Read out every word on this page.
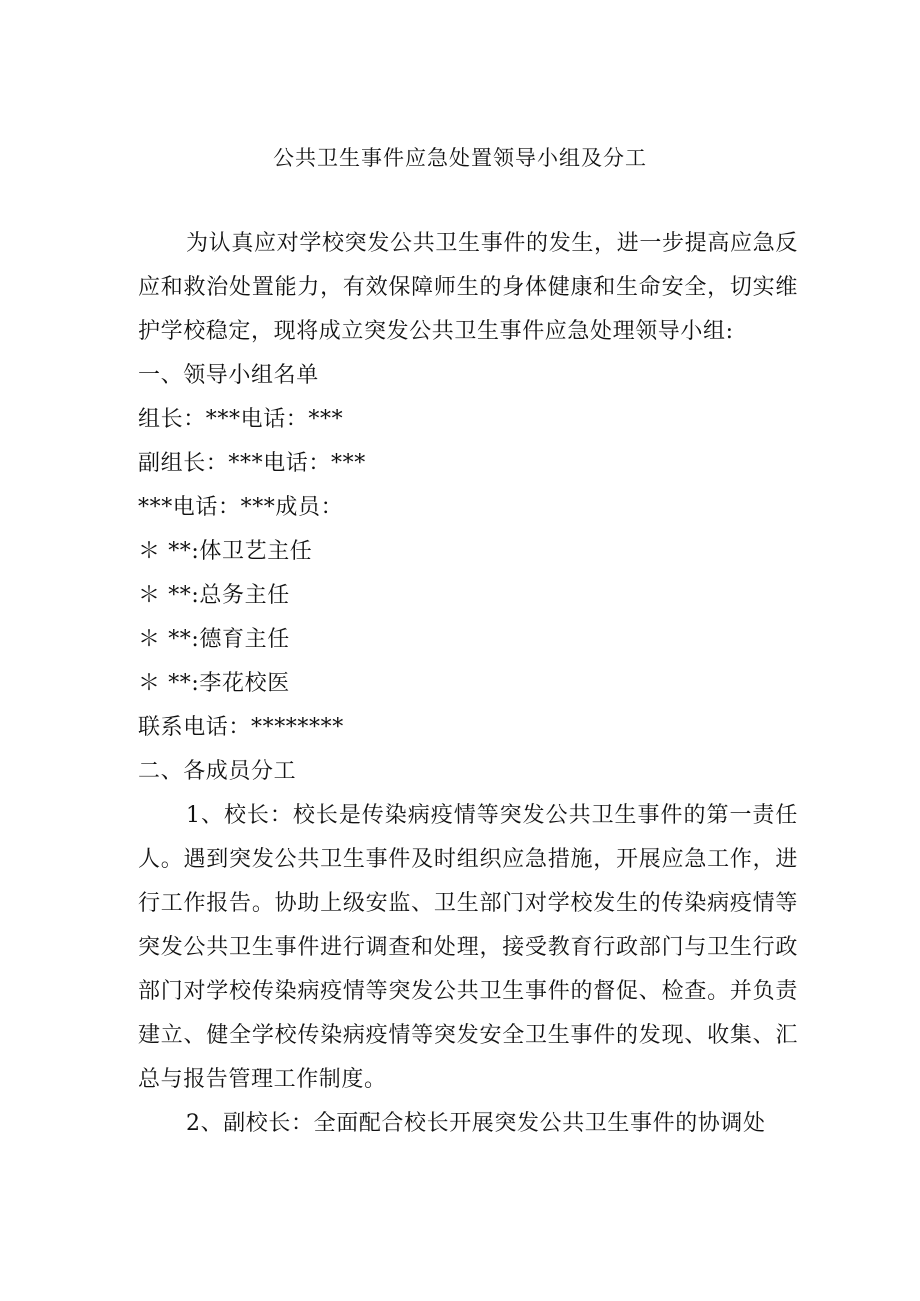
公共卫生事件应急处置领导小组及分工

为认真应对学校突发公共卫生事件的发生，进一步提高应急反应和救治处置能力，有效保障师生的身体健康和生命安全，切实维护学校稳定，现将成立突发公共卫生事件应急处理领导小组:

一、领导小组名单

组长：***电话：***

副组长：***电话：***

***电话：***成员：

＊ **:体卫艺主任

＊ **:总务主任

＊ **:德育主任

＊ **:李花校医

联系电话：********

二、各成员分工

1、校长：校长是传染病疫情等突发公共卫生事件的第一责任人。遇到突发公共卫生事件及时组织应急措施，开展应急工作，进行工作报告。协助上级安监、卫生部门对学校发生的传染病疫情等突发公共卫生事件进行调查和处理，接受教育行政部门与卫生行政部门对学校传染病疫情等突发公共卫生事件的督促、检查。并负责建立、健全学校传染病疫情等突发安全卫生事件的发现、收集、汇总与报告管理工作制度。

2、副校长：全面配合校长开展突发公共卫生事件的协调处
